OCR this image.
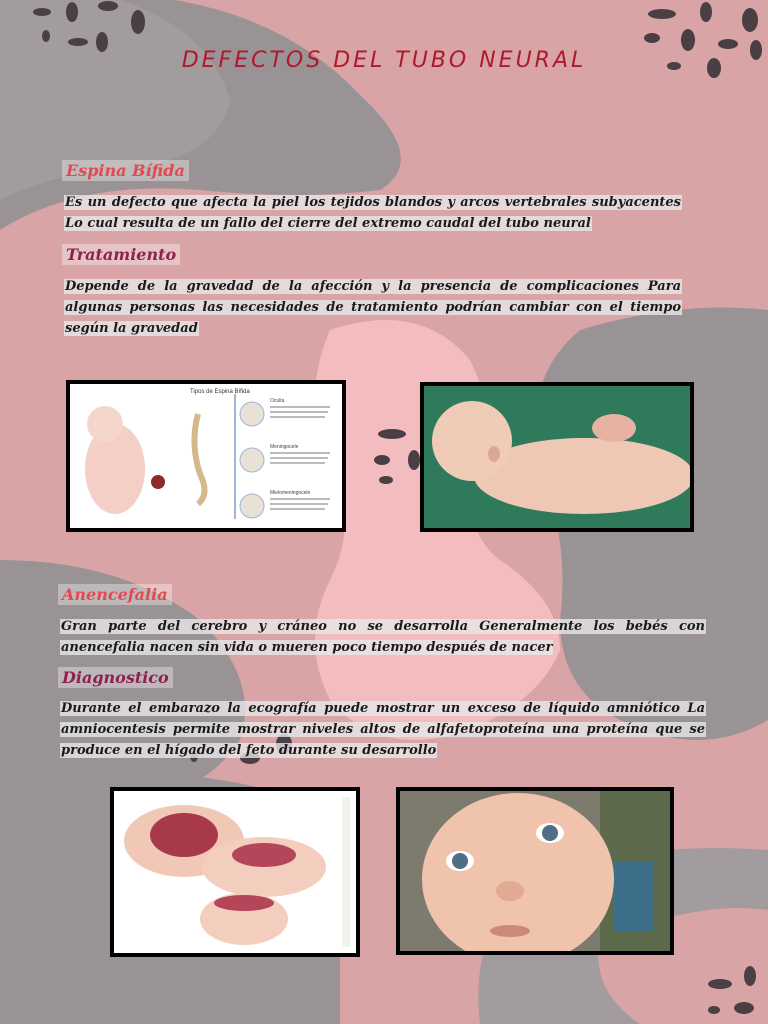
DEFECTOS DEL TUBO NEURAL
Espina Bífida

Es un defecto que afecta la piel los tejidos blandos y arcos vertebrales subyacentes Lo cual resulta de un fallo del cierre del extremo caudal del tubo neural

Tratamiento

Depende de la gravedad de la afección y la presencia de complicaciones Para algunas personas las necesidades de tratamiento podrían cambiar con el tiempo según la gravedad

Tipos de Espina Bífida
Oculta
Meningocele
Mielomeningocele
Anencefalia

Gran parte del cerebro y cráneo no se desarrolla Generalmente los bebés con anencefalia nacen sin vida o mueren poco tiempo después de nacer

Diagnostico

Durante el embarazo la ecografía puede mostrar un exceso de líquido amniótico La amniocentesis permite mostrar niveles altos de alfafetoproteína una proteína que se produce en el hígado del feto durante su desarrollo
